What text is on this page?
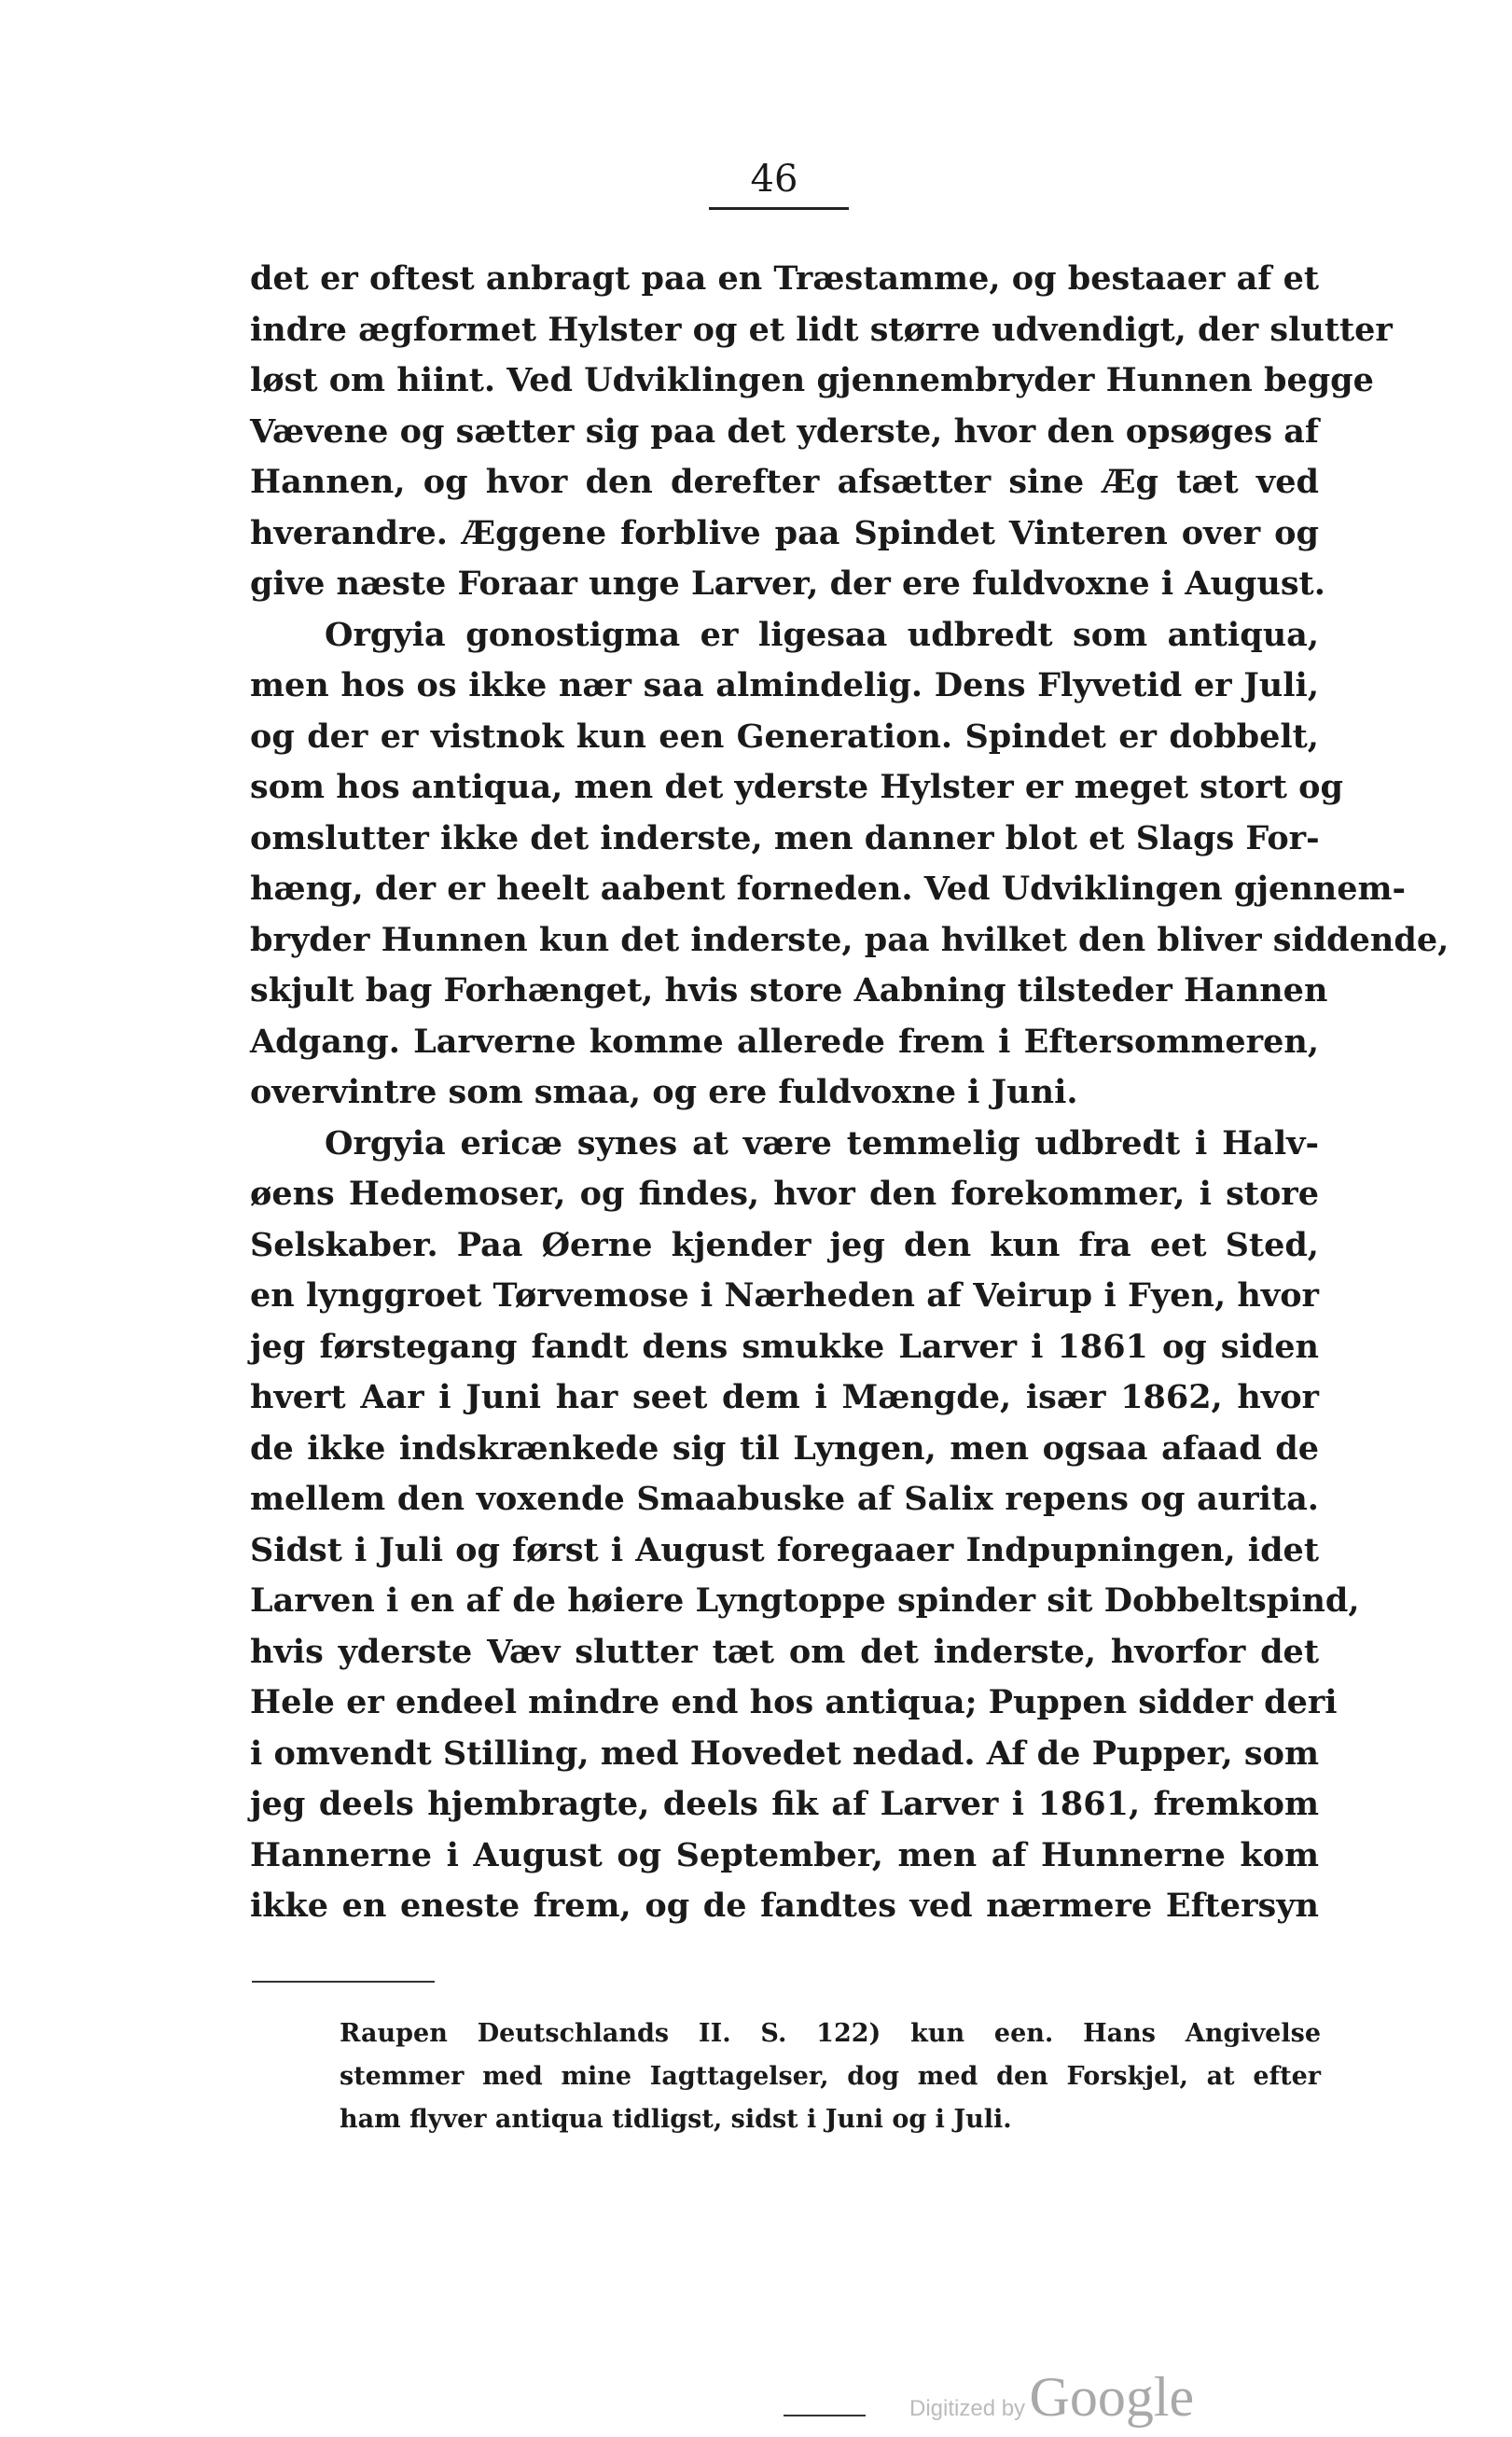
46
det er oftest anbragt paa en Træstamme, og bestaaer af et
indre ægformet Hylster og et lidt større udvendigt, der slutter
løst om hiint. Ved Udviklingen gjennembryder Hunnen begge
Vævene og sætter sig paa det yderste, hvor den opsøges af
Hannen, og hvor den derefter afsætter sine Æg tæt ved
hverandre. Æggene forblive paa Spindet Vinteren over og
give næste Foraar unge Larver, der ere fuldvoxne i August.
Orgyia gonostigma er ligesaa udbredt som antiqua,
men hos os ikke nær saa almindelig. Dens Flyvetid er Juli,
og der er vistnok kun een Generation. Spindet er dobbelt,
som hos antiqua, men det yderste Hylster er meget stort og
omslutter ikke det inderste, men danner blot et Slags For-
hæng, der er heelt aabent forneden. Ved Udviklingen gjennem-
bryder Hunnen kun det inderste, paa hvilket den bliver siddende,
skjult bag Forhænget, hvis store Aabning tilsteder Hannen
Adgang. Larverne komme allerede frem i Eftersommeren,
overvintre som smaa, og ere fuldvoxne i Juni.
Orgyia ericæ synes at være temmelig udbredt i Halv-
øens Hedemoser, og findes, hvor den forekommer, i store
Selskaber. Paa Øerne kjender jeg den kun fra eet Sted,
en lynggroet Tørvemose i Nærheden af Veirup i Fyen, hvor
jeg førstegang fandt dens smukke Larver i 1861 og siden
hvert Aar i Juni har seet dem i Mængde, især 1862, hvor
de ikke indskrænkede sig til Lyngen, men ogsaa afaad de
mellem den voxende Smaabuske af Salix repens og aurita.
Sidst i Juli og først i August foregaaer Indpupningen, idet
Larven i en af de høiere Lyngtoppe spinder sit Dobbeltspind,
hvis yderste Væv slutter tæt om det inderste, hvorfor det
Hele er endeel mindre end hos antiqua; Puppen sidder deri
i omvendt Stilling, med Hovedet nedad. Af de Pupper, som
jeg deels hjembragte, deels fik af Larver i 1861, fremkom
Hannerne i August og September, men af Hunnerne kom
ikke en eneste frem, og de fandtes ved nærmere Eftersyn
Raupen Deutschlands II. S. 122) kun een. Hans Angivelse
stemmer med mine Iagttagelser, dog med den Forskjel, at efter
ham flyver antiqua tidligst, sidst i Juni og i Juli.
Digitized by Google
